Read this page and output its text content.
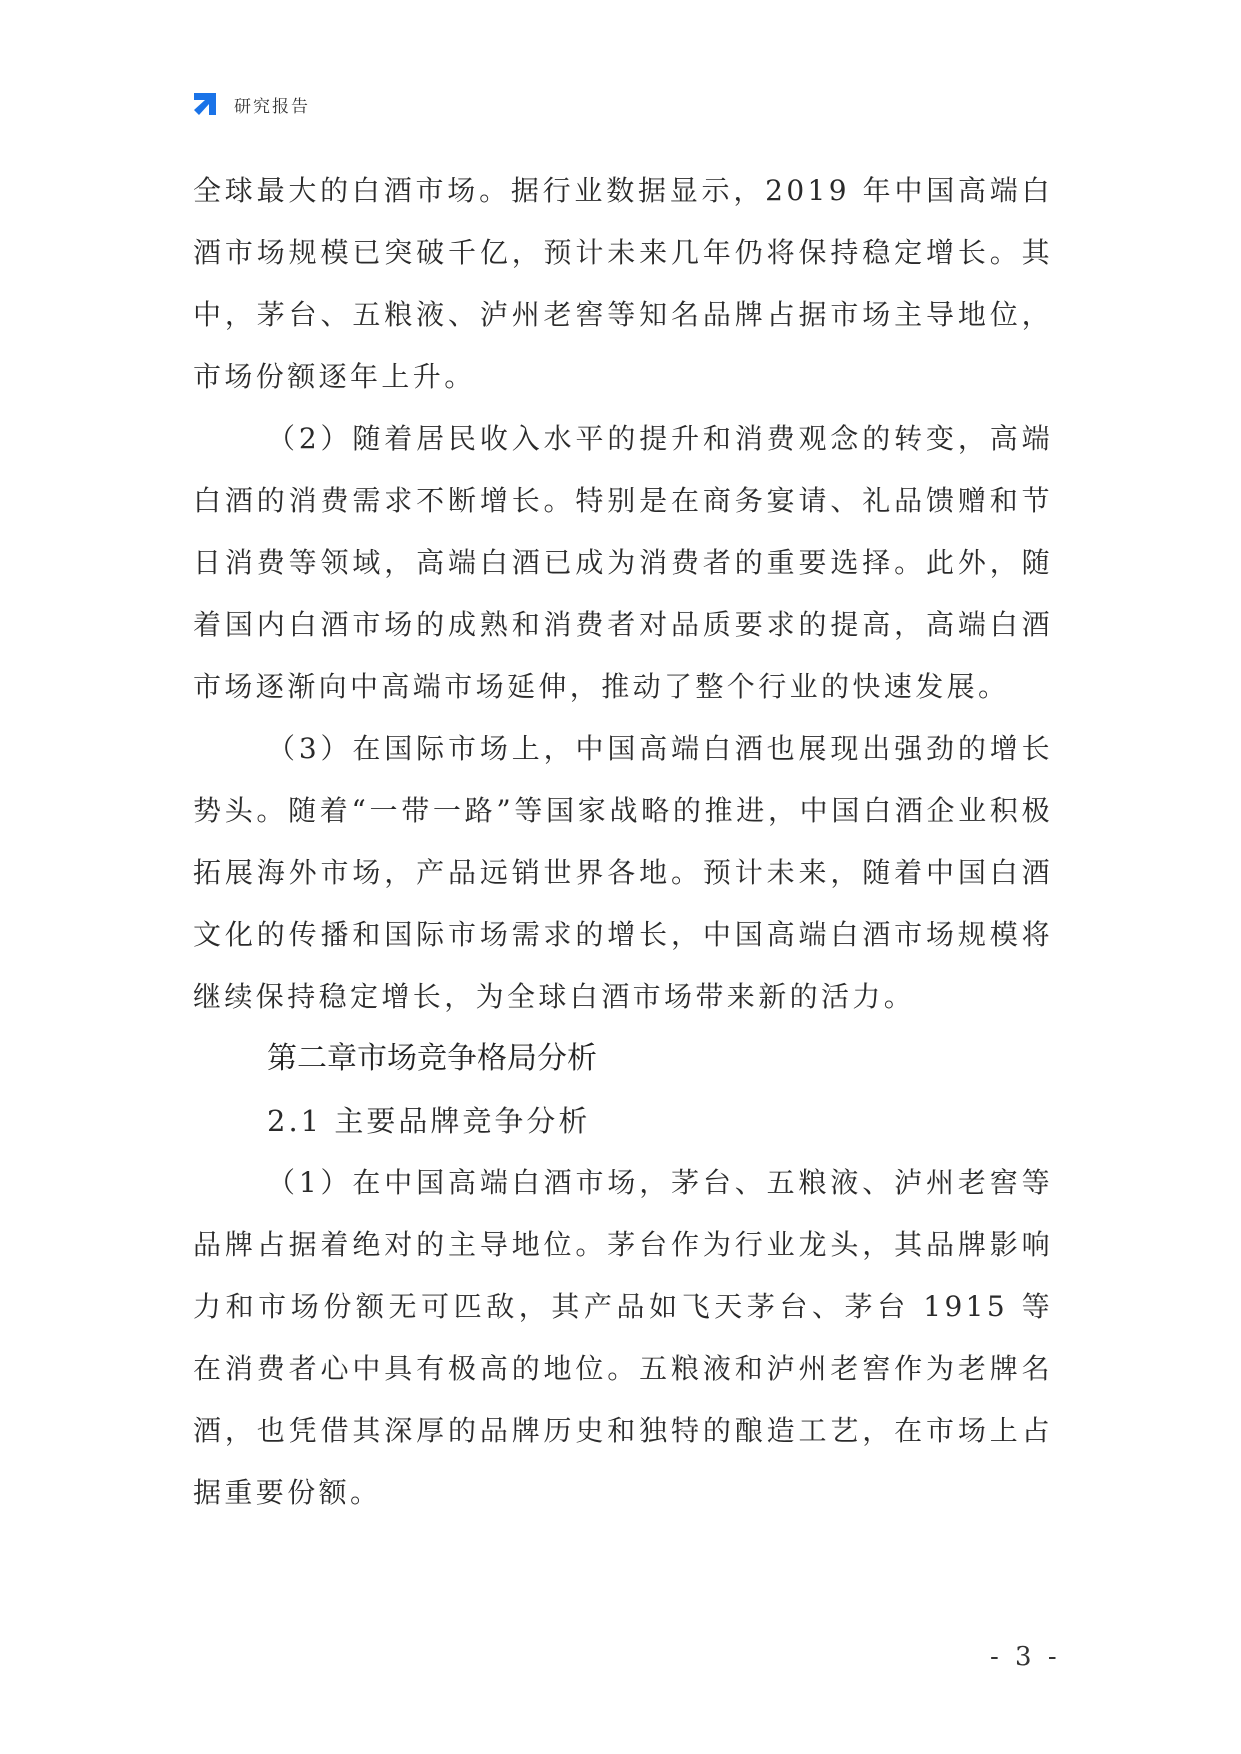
研究报告

全球最大的白酒市场。据行业数据显示，2019 年中国高端白酒市场规模已突破千亿，预计未来几年仍将保持稳定增长。其中，茅台、五粮液、泸州老窖等知名品牌占据市场主导地位，市场份额逐年上升。

（2）随着居民收入水平的提升和消费观念的转变，高端白酒的消费需求不断增长。特别是在商务宴请、礼品馈赠和节日消费等领域，高端白酒已成为消费者的重要选择。此外，随着国内白酒市场的成熟和消费者对品质要求的提高，高端白酒市场逐渐向中高端市场延伸，推动了整个行业的快速发展。

（3）在国际市场上，中国高端白酒也展现出强劲的增长势头。随着“一带一路”等国家战略的推进，中国白酒企业积极拓展海外市场，产品远销世界各地。预计未来，随着中国白酒文化的传播和国际市场需求的增长，中国高端白酒市场规模将继续保持稳定增长，为全球白酒市场带来新的活力。

第二章市场竞争格局分析

2.1 主要品牌竞争分析

（1）在中国高端白酒市场，茅台、五粮液、泸州老窖等品牌占据着绝对的主导地位。茅台作为行业龙头，其品牌影响力和市场份额无可匹敌，其产品如飞天茅台、茅台 1915 等在消费者心中具有极高的地位。五粮液和泸州老窖作为老牌名酒，也凭借其深厚的品牌历史和独特的酿造工艺，在市场上占据重要份额。

- 3 -
